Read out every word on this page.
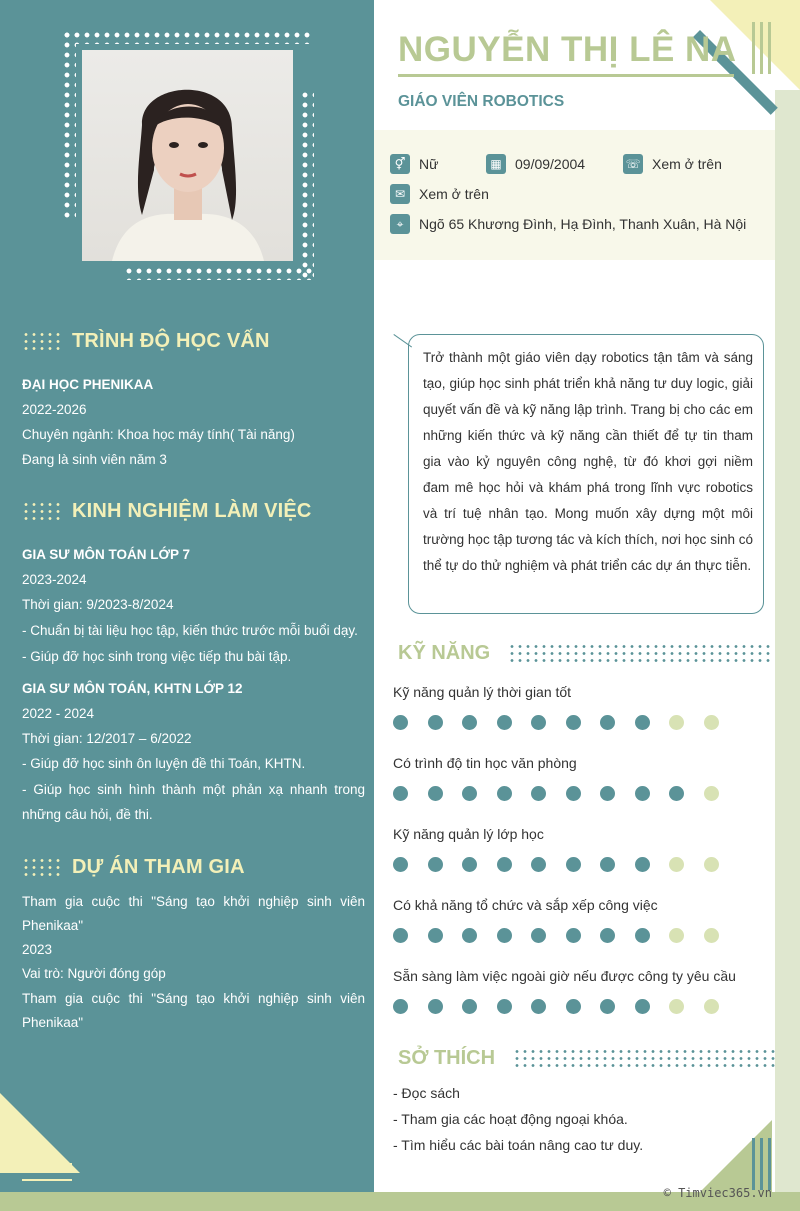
NGUYỄN THỊ LÊ NA
GIÁO VIÊN ROBOTICS
⚥ Nữ	▦ 09/09/2004	☏ Xem ở trên
✉ Xem ở trên
⌖	Ngõ 65 Khương Đình, Hạ Đình, Thanh Xuân, Hà Nội
TRÌNH ĐỘ HỌC VẤN
ĐẠI HỌC PHENIKAA
2022-2026
Chuyên ngành: Khoa học máy tính( Tài năng)
Đang là sinh viên năm 3
KINH NGHIỆM LÀM VIỆC
GIA SƯ MÔN TOÁN LỚP 7
2023-2024
Thời gian: 9/2023-8/2024
- Chuẩn bị tài liệu học tập, kiến thức trước mỗi buổi dạy.
- Giúp đỡ học sinh trong việc tiếp thu bài tập.
GIA SƯ MÔN TOÁN, KHTN LỚP 12
2022 - 2024
Thời gian: 12/2017 – 6/2022
- Giúp đỡ học sinh ôn luyện đề thi Toán, KHTN.
- Giúp học sinh hình thành một phản xạ nhanh trong những câu hỏi, đề thi.
DỰ ÁN THAM GIA
Tham gia cuộc thi "Sáng tạo khởi nghiệp sinh viên Phenikaa"
2023
Vai trò: Người đóng góp
Tham gia cuộc thi "Sáng tạo khởi nghiệp sinh viên Phenikaa"
Trở thành một giáo viên dạy robotics tận tâm và sáng tạo, giúp học sinh phát triển khả năng tư duy logic, giải quyết vấn đề và kỹ năng lập trình. Trang bị cho các em những kiến thức và kỹ năng cần thiết để tự tin tham gia vào kỷ nguyên công nghệ, từ đó khơi gợi niềm đam mê học hỏi và khám phá trong lĩnh vực robotics và trí tuệ nhân tạo. Mong muốn xây dựng một môi trường học tập tương tác và kích thích, nơi học sinh có thể tự do thử nghiệm và phát triển các dự án thực tiễn.
KỸ NĂNG
Kỹ năng quản lý thời gian tốt
Có trình độ tin học văn phòng
Kỹ năng quản lý lớp học
Có khả năng tổ chức và sắp xếp công việc
Sẵn sàng làm việc ngoài giờ nếu được công ty yêu cầu
SỞ THÍCH
- Đọc sách
- Tham gia các hoạt động ngoại khóa.
- Tìm hiểu các bài toán nâng cao tư duy.
© Timviec365.vn
